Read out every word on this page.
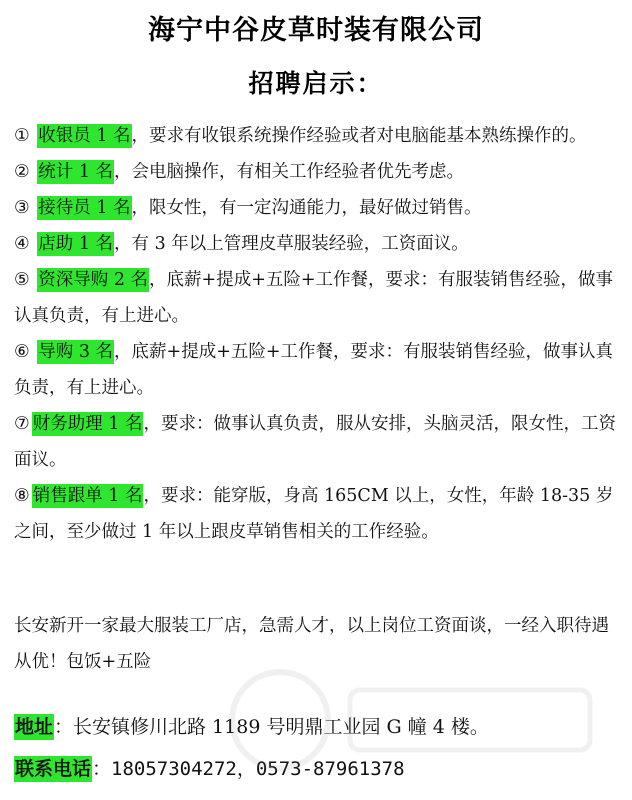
海宁中谷皮草时装有限公司
招聘启示：

① 收银员 1 名，要求有收银系统操作经验或者对电脑能基本熟练操作的。

② 统计 1 名，会电脑操作，有相关工作经验者优先考虑。

③ 接待员 1 名，限女性，有一定沟通能力，最好做过销售。

④ 店助 1 名，有 3 年以上管理皮草服装经验，工资面议。

⑤ 资深导购 2 名，底薪+提成+五险+工作餐，要求：有服装销售经验，做事认真负责，有上进心。

⑥ 导购 3 名，底薪+提成+五险+工作餐，要求：有服装销售经验，做事认真负责，有上进心。

⑦ 财务助理 1 名，要求：做事认真负责，服从安排，头脑灵活，限女性，工资面议。

⑧ 销售跟单 1 名，要求：能穿版，身高 165CM 以上，女性，年龄 18-35 岁之间，至少做过 1 年以上跟皮草销售相关的工作经验。

长安新开一家最大服装工厂店，急需人才，以上岗位工资面谈，一经入职待遇从优！包饭+五险
地址：长安镇修川北路 1189 号明鼎工业园 G 幢 4 楼。
联系电话：18057304272，0573-87961378
